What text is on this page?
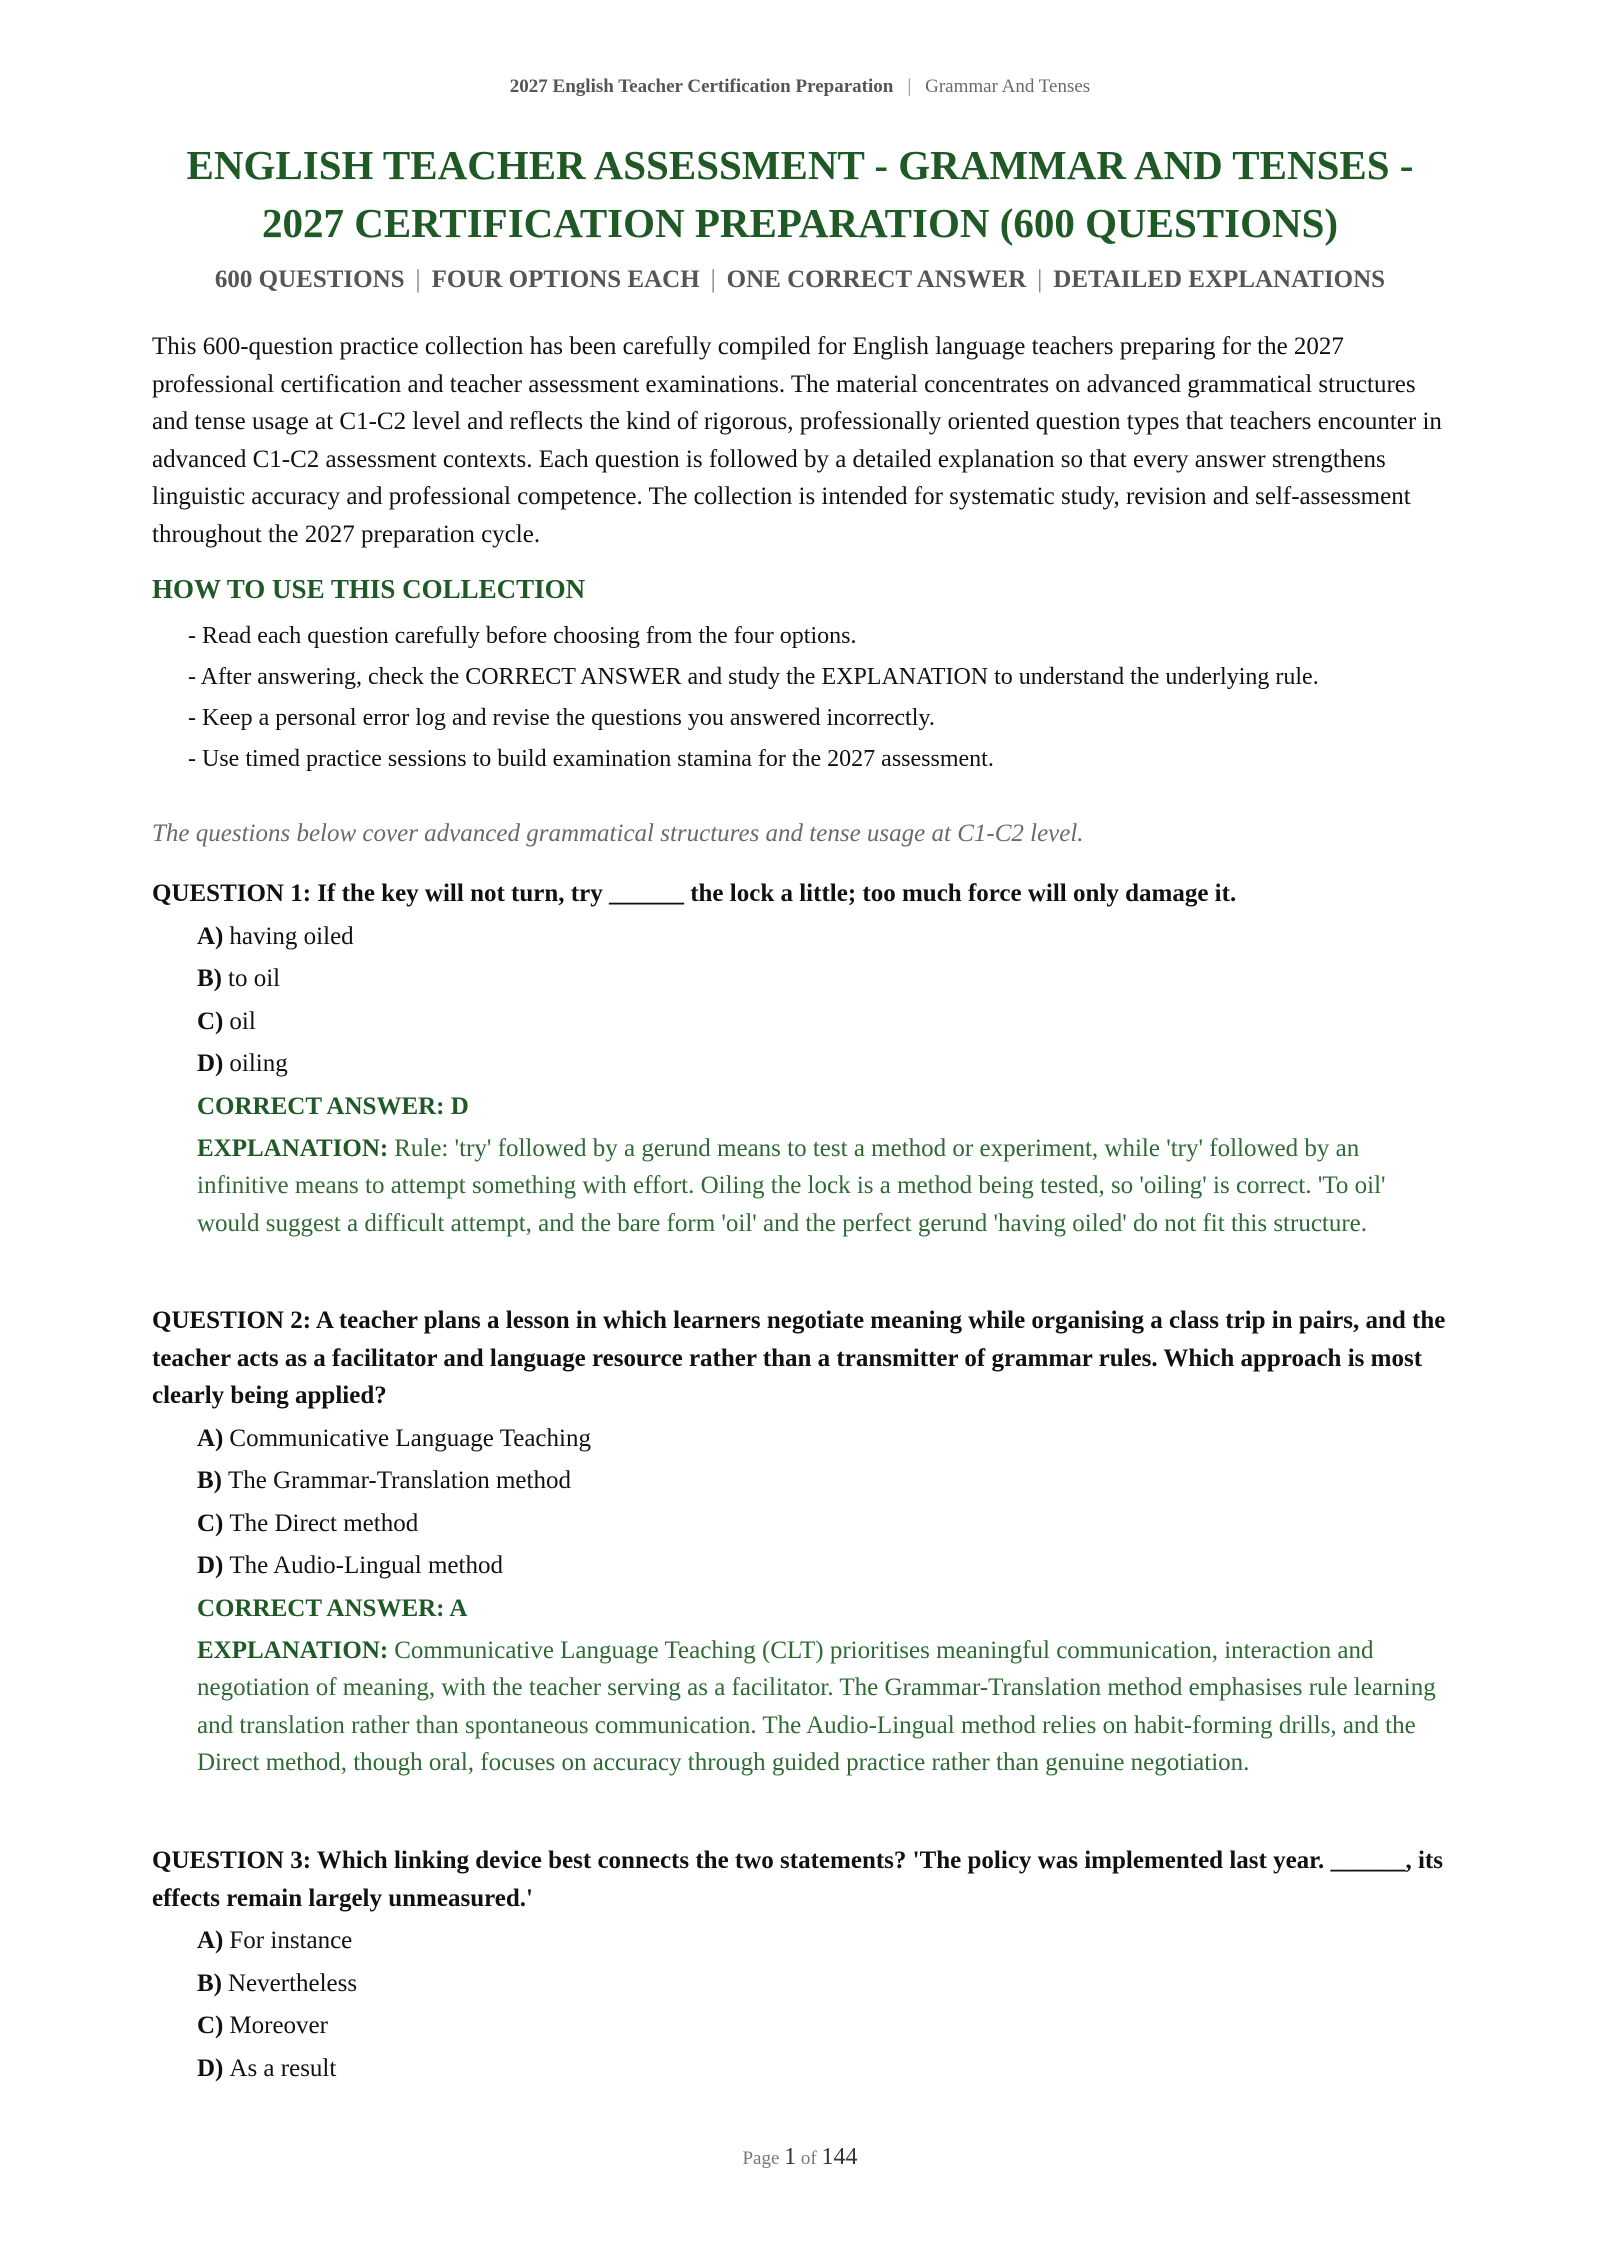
2027 English Teacher Certification Preparation | Grammar And Tenses
ENGLISH TEACHER ASSESSMENT - GRAMMAR AND TENSES -
2027 CERTIFICATION PREPARATION (600 QUESTIONS)
600 QUESTIONS | FOUR OPTIONS EACH | ONE CORRECT ANSWER | DETAILED EXPLANATIONS

This 600-question practice collection has been carefully compiled for English language teachers preparing for the 2027 professional certification and teacher assessment examinations. The material concentrates on advanced grammatical structures and tense usage at C1-C2 level and reflects the kind of rigorous, professionally oriented question types that teachers encounter in advanced C1-C2 assessment contexts. Each question is followed by a detailed explanation so that every answer strengthens linguistic accuracy and professional competence. The collection is intended for systematic study, revision and self-assessment throughout the 2027 preparation cycle.

HOW TO USE THIS COLLECTION
- Read each question carefully before choosing from the four options.
- After answering, check the CORRECT ANSWER and study the EXPLANATION to understand the underlying rule.
- Keep a personal error log and revise the questions you answered incorrectly.
- Use timed practice sessions to build examination stamina for the 2027 assessment.
The questions below cover advanced grammatical structures and tense usage at C1-C2 level.
QUESTION 1: If the key will not turn, try ______ the lock a little; too much force will only damage it.
A) having oiled
B) to oil
C) oil
D) oiling
CORRECT ANSWER: D
EXPLANATION: Rule: 'try' followed by a gerund means to test a method or experiment, while 'try' followed by an infinitive means to attempt something with effort. Oiling the lock is a method being tested, so 'oiling' is correct. 'To oil' would suggest a difficult attempt, and the bare form 'oil' and the perfect gerund 'having oiled' do not fit this structure.
QUESTION 2: A teacher plans a lesson in which learners negotiate meaning while organising a class trip in pairs, and the teacher acts as a facilitator and language resource rather than a transmitter of grammar rules. Which approach is most clearly being applied?
A) Communicative Language Teaching
B) The Grammar-Translation method
C) The Direct method
D) The Audio-Lingual method
CORRECT ANSWER: A
EXPLANATION: Communicative Language Teaching (CLT) prioritises meaningful communication, interaction and negotiation of meaning, with the teacher serving as a facilitator. The Grammar-Translation method emphasises rule learning and translation rather than spontaneous communication. The Audio-Lingual method relies on habit-forming drills, and the Direct method, though oral, focuses on accuracy through guided practice rather than genuine negotiation.
QUESTION 3: Which linking device best connects the two statements? 'The policy was implemented last year. ______, its effects remain largely unmeasured.'
A) For instance
B) Nevertheless
C) Moreover
D) As a result
Page 1 of 144
